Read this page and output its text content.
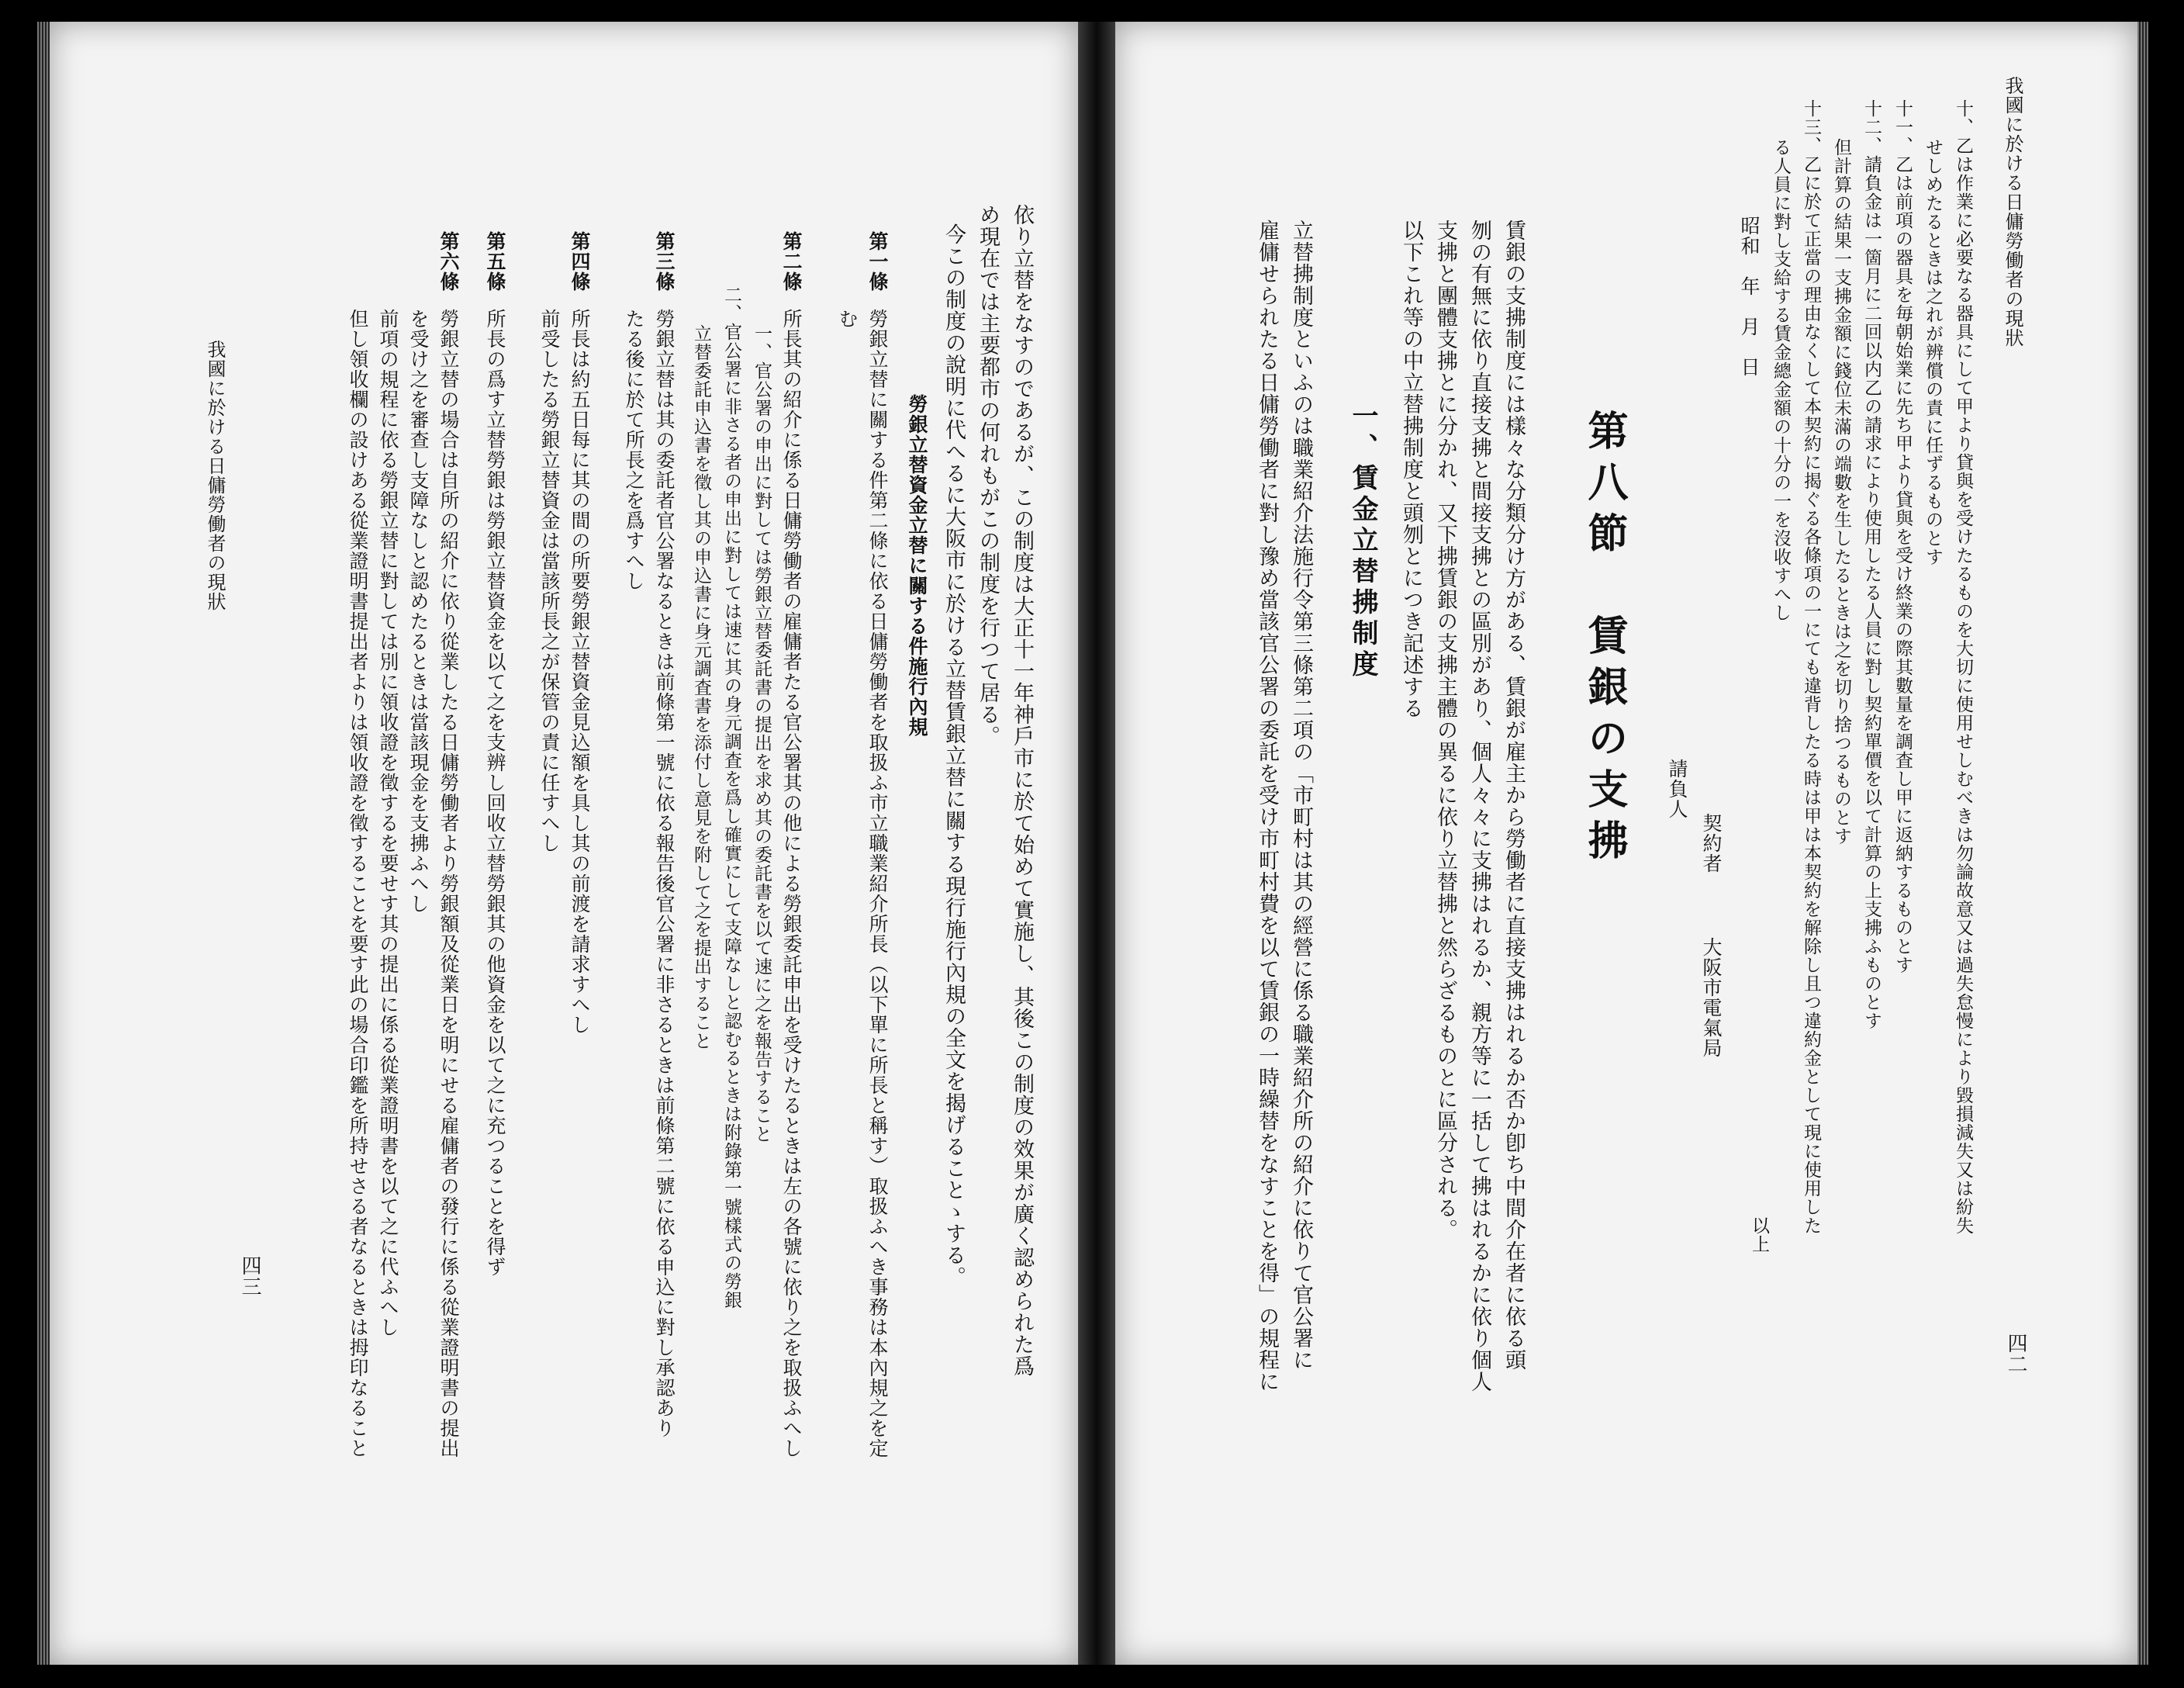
我國に於ける日傭勞働者の現狀
四二
十、乙は作業に必要なる器具にして甲より貸與を受けたるものを大切に使用せしむべきは勿論故意又は過失怠慢により毀損減失又は紛失
せしめたるときは之れが辨償の責に任ずるものとす
十一、乙は前項の器具を毎朝始業に先ち甲より貸與を受け終業の際其數量を調査し甲に返納するものとす
十二、請負金は一箇月に二回以内乙の請求により使用したる人員に對し契約單價を以て計算の上支拂ふものとす
但計算の結果一支拂金額に錢位未滿の端數を生したるときは之を切り捨つるものとす
十三、乙に於て正當の理由なくして本契約に揭ぐる各條項の一にても違背したる時は甲は本契約を解除し且つ違約金として現に使用した
る人員に對し支給する賃金總金額の十分の一を沒收すへし
以上
昭和　年　月　日
契約者
大阪市電氣局
請負人
第八節　賃銀の支拂
賃銀の支拂制度には樣々な分類分け方がある、賃銀が雇主から勞働者に直接支拂はれるか否か卽ち中間介在者に依る頭
刎の有無に依り直接支拂と間接支拂との區別があり、個人々々に支拂はれるか、親方等に一括して拂はれるかに依り個人
支拂と團體支拂とに分かれ、又下拂賃銀の支拂主體の異るに依り立替拂と然らざるものとに區分される。
以下これ等の中立替拂制度と頭刎とにつき記述する
一、賃金立替拂制度
立替拂制度といふのは職業紹介法施行令第三條第二項の「市町村は其の經營に係る職業紹介所の紹介に依りて官公署に
雇傭せられたる日傭勞働者に對し豫め當該官公署の委託を受け市町村費を以て賃銀の一時繰替をなすことを得」の規程に
依り立替をなすのであるが、この制度は大正十一年神戶市に於て始めて實施し、其後この制度の效果が廣く認められた爲
め現在では主要都市の何れもがこの制度を行つて居る。
今この制度の說明に代へるに大阪市に於ける立替賃銀立替に關する現行施行內規の全文を揭げることゝする。
勞銀立替資金立替に關する件施行內規
第一條
勞銀立替に關する件第二條に依る日傭勞働者を取扱ふ市立職業紹介所長（以下單に所長と稱す）取扱ふへき事務は本內規之を定
む
第二條
所長其の紹介に係る日傭勞働者の雇傭者たる官公署其の他による勞銀委託申出を受けたるときは左の各號に依り之を取扱ふへし
一、官公署の申出に對しては勞銀立替委託書の提出を求め其の委託書を以て速に之を報告すること
二、官公署に非さる者の申出に對しては速に其の身元調査を爲し確實にして支障なしと認むるときは附錄第一號樣式の勞銀
立替委託申込書を徵し其の申込書に身元調査書を添付し意見を附して之を提出すること
第三條
勞銀立替は其の委託者官公署なるときは前條第一號に依る報告後官公署に非さるときは前條第二號に依る申込に對し承認あり
たる後に於て所長之を爲すへし
第四條
所長は約五日每に其の間の所要勞銀立替資金見込額を具し其の前渡を請求すへし
前受したる勞銀立替資金は當該所長之が保管の責に任すへし
第五條
所長の爲す立替勞銀は勞銀立替資金を以て之を支辨し回收立替勞銀其の他資金を以て之に充つることを得ず
第六條
勞銀立替の場合は自所の紹介に依り從業したる日傭勞働者より勞銀額及從業日を明にせる雇傭者の發行に係る從業證明書の提出
を受け之を審查し支障なしと認めたるときは當該現金を支拂ふへし
前項の規程に依る勞銀立替に對しては別に領收證を徵するを要せす其の提出に係る從業證明書を以て之に代ふへし
但し領收欄の設けある從業證明書提出者よりは領收證を徵することを要す此の場合印鑑を所持せさる者なるときは拇印なること
我國に於ける日傭勞働者の現狀
四三
